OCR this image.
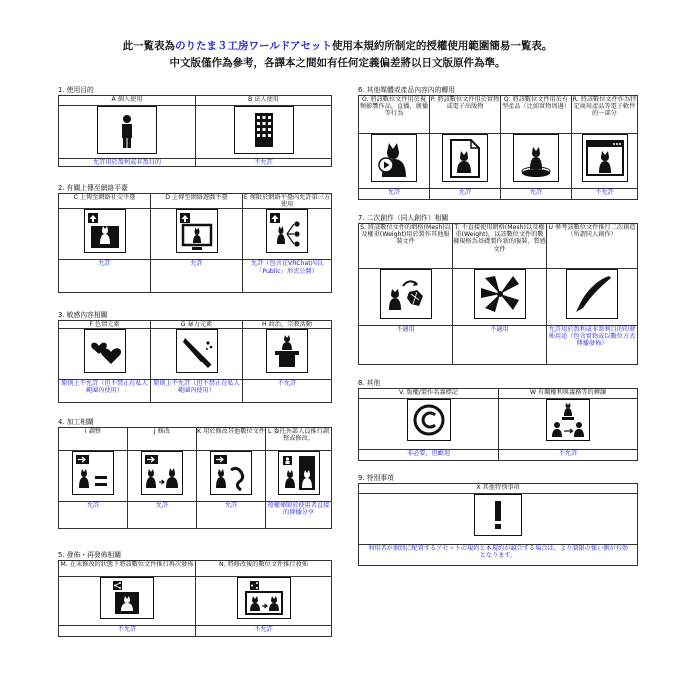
此一覧表為のりたま３工房ワールドアセット使用本規約所制定的授權使用範圍簡易一覧表。
中文版僅作為參考，各譯本之間如有任何定義偏差將以日文版原件為準。
1. 使用目的
A 個人使用	B 法人使用

允許用於盈利或非盈目的	不允許
2. 有關上傳至網絡平臺
C 上傳至網絡社交平臺	D 上傳至網絡遊戲平臺	E 僅限於網絡平臺內允許第三方使用

允許	允許	允許（包含在VRChat內以「Public」形式公開）
3. 敏感內容相關
F 色情元素	G 暴力元素	H 政治、宗教活動

原則上不允許（但不禁止在私人範圍內使用）	原則上不允許（但不禁止在私人範圍內使用）	不允許
4. 加工相關
I 調整	J 修改	K 用於修改其他數位文件	L 委托外部人員推行調整或修改。

允許	允許	允許	授權僅限於使用者直接的傳播分享
5. 發佈・再發佈相關
M. 在未修改的狀態下將該數位文件推行再次發佈	N. 將修改後的數位文件推行發佈

不允許	不允許
6. 其他媒體或產品內容內的轉用
O. 將該數位文件用於視頻影響作品，直播，廣播等行為	P. 將該數位文件用於實物或電子出版物	Q. 將該數位文件用於有型產品（比如實物周邊）	R. 將該數位文件作為特定商用產品等電子軟件的一部分

允許	允許	允許	不允許
7. 二次創作（同人創作）相關
S. 將該數位文件的網格(Mesh)以及權重(Weight)用於製作其他服裝文件	T. 不直接使用網格(Mesh)以及權重(Weight)，以該數位文件的數據規格為基礎製作新的服裝、質感文件	U 參考該數位文件推行二次創造（所謂同人創作）

不適用	不適用	允許用於盈利或非盈利目的的發佈用途（包含實物或以數位方式傳播發佈）
8. 其他
V. 版權/製作名義標記	W 有關權利與義務等的轉讓

非必要，但歡迎	不允許
9. 特別事項
X 其他特別事項

利用者が個別に配置するアセットの規約と本規約が競合する場合は、より制限の強い側が有効となります。
